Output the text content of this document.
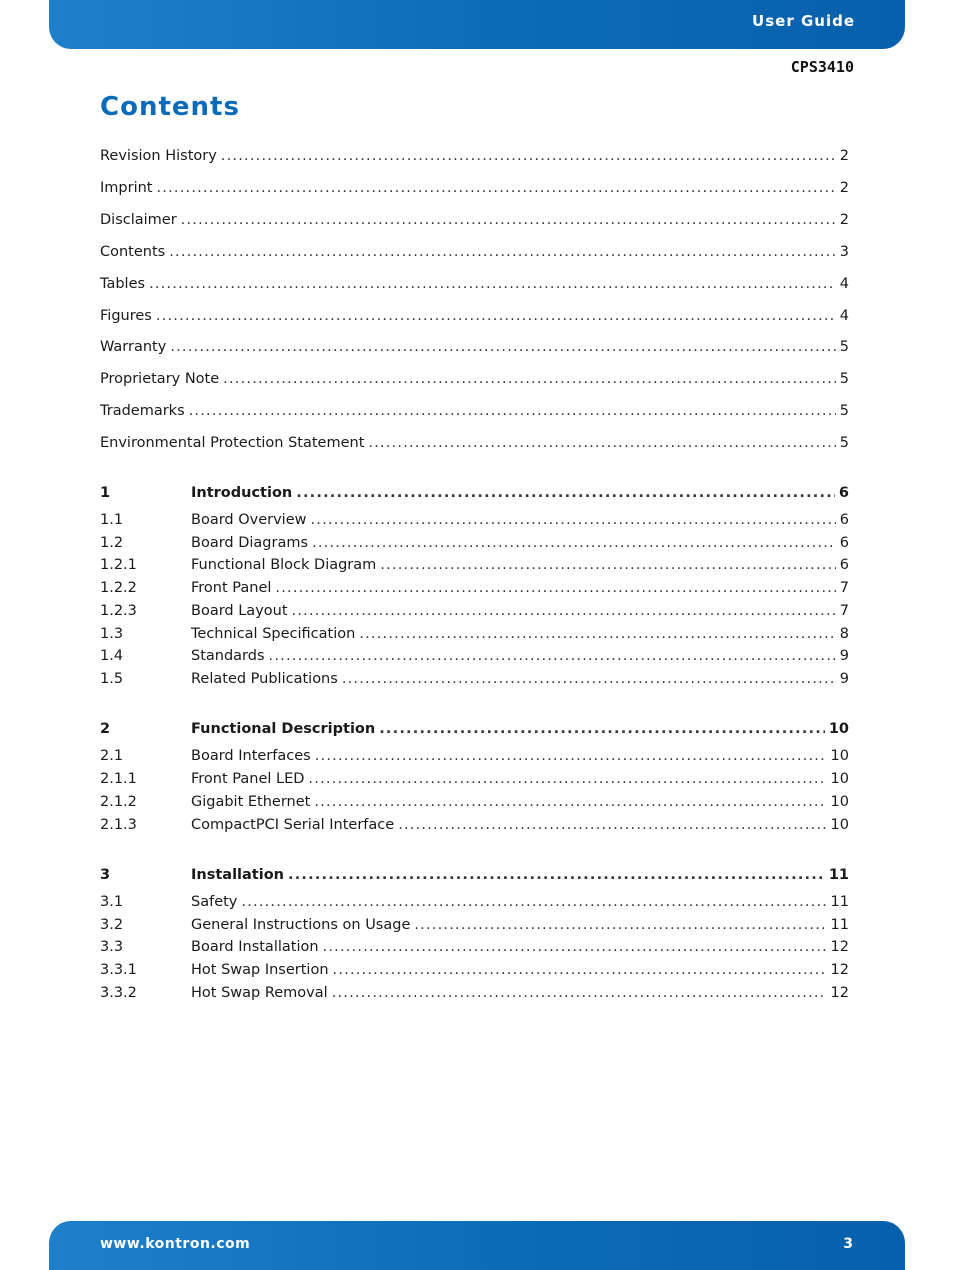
User Guide
CPS3410
Contents
Revision History .....	2
Imprint .....	2
Disclaimer .....	2
Contents .....	3
Tables .....	4
Figures .....	4
Warranty .....	5
Proprietary Note .....	5
Trademarks .....	5
Environmental Protection Statement .....	5
1	Introduction .....	6
1.1	Board Overview .....	6
1.2	Board Diagrams .....	6
1.2.1	Functional Block Diagram .....	6
1.2.2	Front Panel .....	7
1.2.3	Board Layout .....	7
1.3	Technical Specification .....	8
1.4	Standards .....	9
1.5	Related Publications .....	9
2	Functional Description .....	10
2.1	Board Interfaces .....	10
2.1.1	Front Panel LED .....	10
2.1.2	Gigabit Ethernet .....	10
2.1.3	CompactPCI Serial Interface .....	10
3	Installation .....	11
3.1	Safety .....	11
3.2	General Instructions on Usage .....	11
3.3	Board Installation .....	12
3.3.1	Hot Swap Insertion .....	12
3.3.2	Hot Swap Removal .....	12
www.kontron.com	3
